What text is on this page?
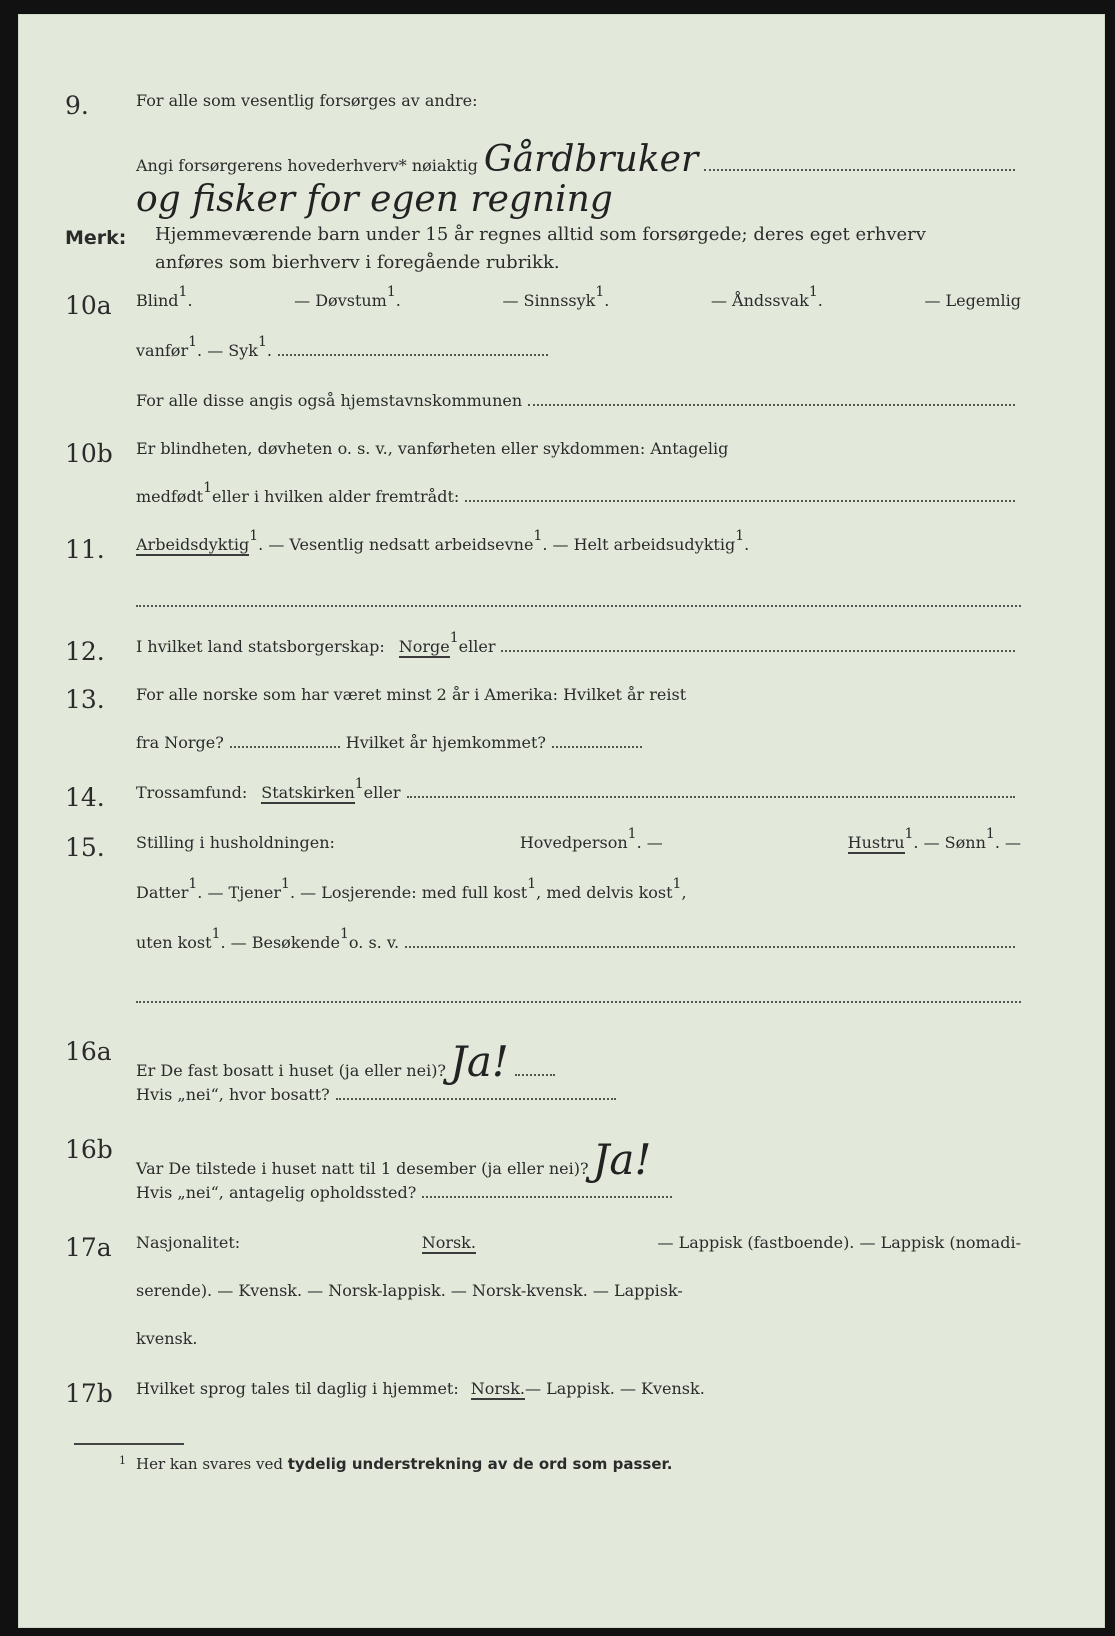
9.	For alle som vesentlig forsørges av andre:
Angi forsørgerens hovederhverv* nøiaktig Gårdbruker
og fisker for egen regning
Merk: Hjemmeværende barn under 15 år regnes alltid som forsørgede; deres eget erhverv
anføres som bierhverv i foregående rubrikk.
10a Blind1.	— Døvstum1.	— Sinnssyk1.	— Åndssvak1.	— Legemlig
vanfør 1 . — Syk 1 .
For alle disse angis også hjemstavnskommunen
10b Er blindheten, døvheten o. s. v., vanførheten eller sykdommen: Antagelig
medfødt 1 eller i hvilken alder fremtrådt:
11. Arbeidsdyktig1. — Vesentlig nedsatt arbeidsevne1. — Helt arbeidsudyktig1.
12. I hvilket land statsborgerskap: Norge 1 eller
13. For alle norske som har været minst 2 år i Amerika: Hvilket år reist
fra Norge?	Hvilket år hjemkommet?
14. Trossamfund: Statskirken 1 eller
15. Stilling i husholdningen:	Hovedperson1. —	Hustru1. — Sønn1. —
Datter1. — Tjener1. — Losjerende: med full kost1, med delvis kost1,
uten kost 1 . — Besøkende 1 o. s. v.
16a
Er De fast bosatt i huset (ja eller nei)? Ja!
Hvis „nei“, hvor bosatt?
16b
Var De tilstede i huset natt til 1 desember (ja eller nei)? Ja!
Hvis „nei“, antagelig opholdssted?
17a Nasjonalitet:	Norsk.	— Lappisk (fastboende). — Lappisk (nomadi-
serende). — Kvensk. — Norsk-lappisk. — Norsk-kvensk. — Lappisk-
kvensk.
17b Hvilket sprog tales til daglig i hjemmet: Norsk. — Lappisk. — Kvensk.
$^1$ Her kan svares ved tydelig understrekning av de ord som passer.
